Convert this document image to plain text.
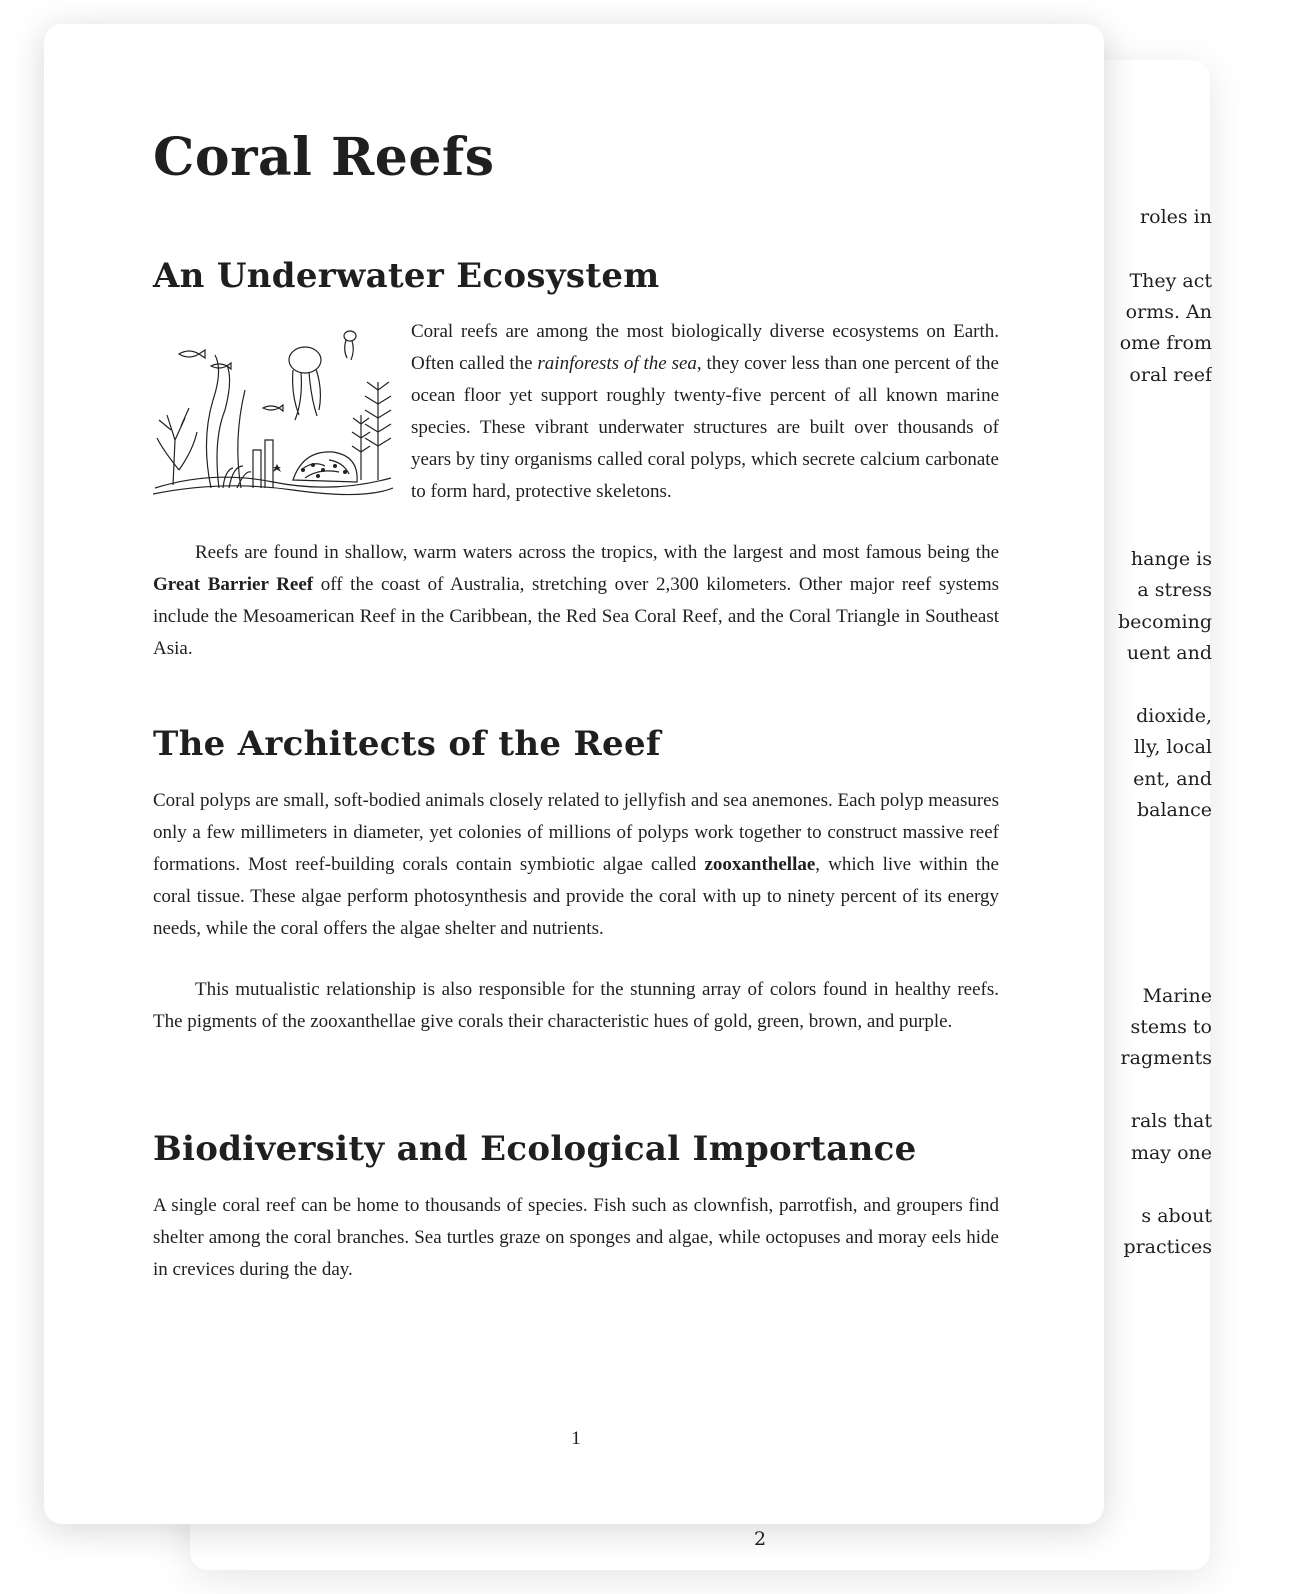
roles in
They act
orms. An
ome from
oral reef
hange is
a stress
becoming
uent and
dioxide,
lly, local
ent, and
balance
Marine
stems to
ragments
rals that
may one
s about
practices
2
Coral Reefs
An Underwater Ecosystem

Coral reefs are among the most biologically diverse ecosystems on Earth. Often called the rainforests of the sea, they cover less than one percent of the ocean floor yet support roughly twenty-five percent of all known marine species. These vibrant underwater structures are built over thousands of years by tiny organisms called coral polyps, which secrete calcium carbonate to form hard, protective skeletons.

Reefs are found in shallow, warm waters across the tropics, with the largest and most famous being the Great Barrier Reef off the coast of Australia, stretching over 2,300 kilometers. Other major reef systems include the Mesoamerican Reef in the Caribbean, the Red Sea Coral Reef, and the Coral Triangle in Southeast Asia.

The Architects of the Reef

Coral polyps are small, soft-bodied animals closely related to jellyfish and sea anemones. Each polyp measures only a few millimeters in diameter, yet colonies of millions of polyps work together to construct massive reef formations. Most reef-building corals contain symbiotic algae called zooxanthellae, which live within the coral tissue. These algae perform photosynthesis and provide the coral with up to ninety percent of its energy needs, while the coral offers the algae shelter and nutrients.

This mutualistic relationship is also responsible for the stunning array of colors found in healthy reefs. The pigments of the zooxanthellae give corals their characteristic hues of gold, green, brown, and purple.

Biodiversity and Ecological Importance

A single coral reef can be home to thousands of species. Fish such as clownfish, parrotfish, and groupers find shelter among the coral branches. Sea turtles graze on sponges and algae, while octopuses and moray eels hide in crevices during the day.

1
